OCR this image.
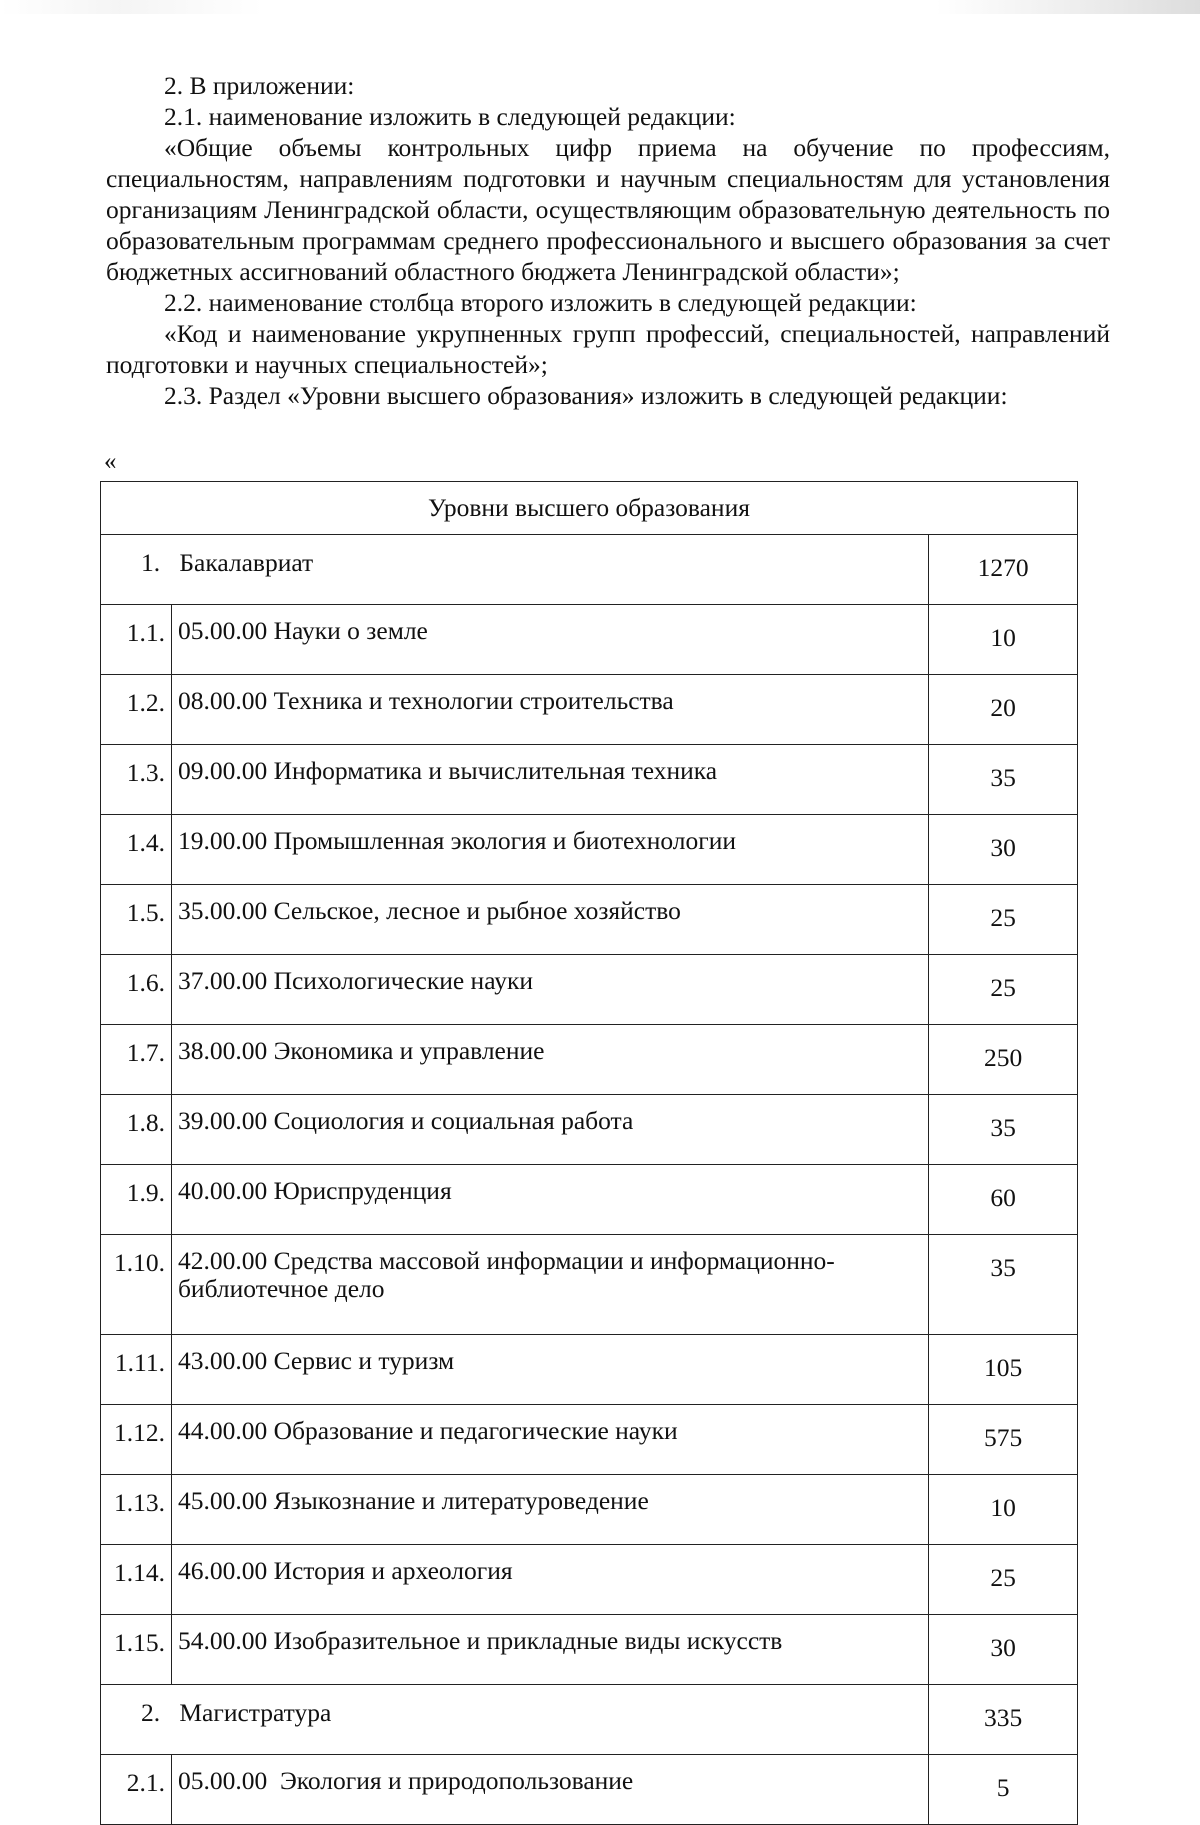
2. В приложении:

2.1. наименование изложить в следующей редакции:

«Общие объемы контрольных цифр приема на обучение по профессиям, специальностям, направлениям подготовки и научным специальностям для установления организациям Ленинградской области, осуществляющим образовательную деятельность по образовательным программам среднего профессионального и высшего образования за счет бюджетных ассигнований областного бюджета Ленинградской области»;

2.2. наименование столбца второго изложить в следующей редакции:

«Код и наименование укрупненных групп профессий, специальностей, направлений подготовки и научных специальностей»;

2.3. Раздел «Уровни высшего образования» изложить в следующей редакции:

«
Уровни высшего образования		
1. Бакалавриат		1270
1.1.	05.00.00 Науки о земле	10
1.2.	08.00.00 Техника и технологии строительства	20
1.3.	09.00.00 Информатика и вычислительная техника	35
1.4.	19.00.00 Промышленная экология и биотехнологии	30
1.5.	35.00.00 Сельское, лесное и рыбное хозяйство	25
1.6.	37.00.00 Психологические науки	25
1.7.	38.00.00 Экономика и управление	250
1.8.	39.00.00 Социология и социальная работа	35
1.9.	40.00.00 Юриспруденция	60
1.10.	42.00.00 Средства массовой информации и информационно-библиотечное дело	35
1.11.	43.00.00 Сервис и туризм	105
1.12.	44.00.00 Образование и педагогические науки	575
1.13.	45.00.00 Языкознание и литературоведение	10
1.14.	46.00.00 История и археология	25
1.15.	54.00.00 Изобразительное и прикладные виды искусств	30
2. Магистратура		335
2.1.	05.00.00  Экология и природопользование	5
